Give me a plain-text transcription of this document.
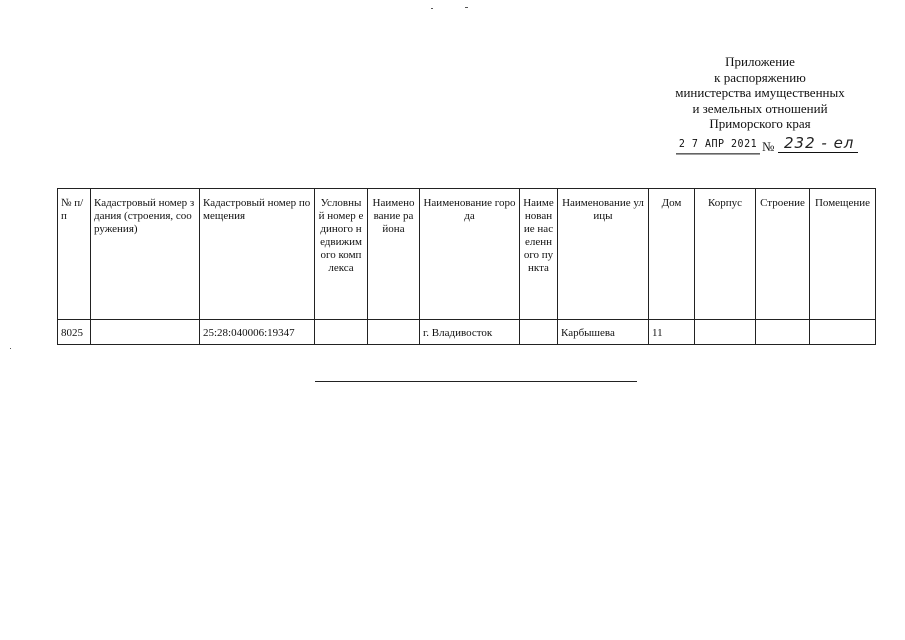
Приложение
к распоряжению
министерства имущественных
и земельных отношений
Приморского края
2 7 АПР 2021 № 232 - ел
№ п/п	Кадастровый номер здания (строения, сооружения)	Кадастровый номер помещения	Условный номер единого недвижимого комплекса	Наименование района	Наименование города	Наименование населенного пункта	Наименование улицы	Дом	Корпус	Строение	Помещение
8025		25:28:040006:19347			г. Владивосток		Карбышева	11			
